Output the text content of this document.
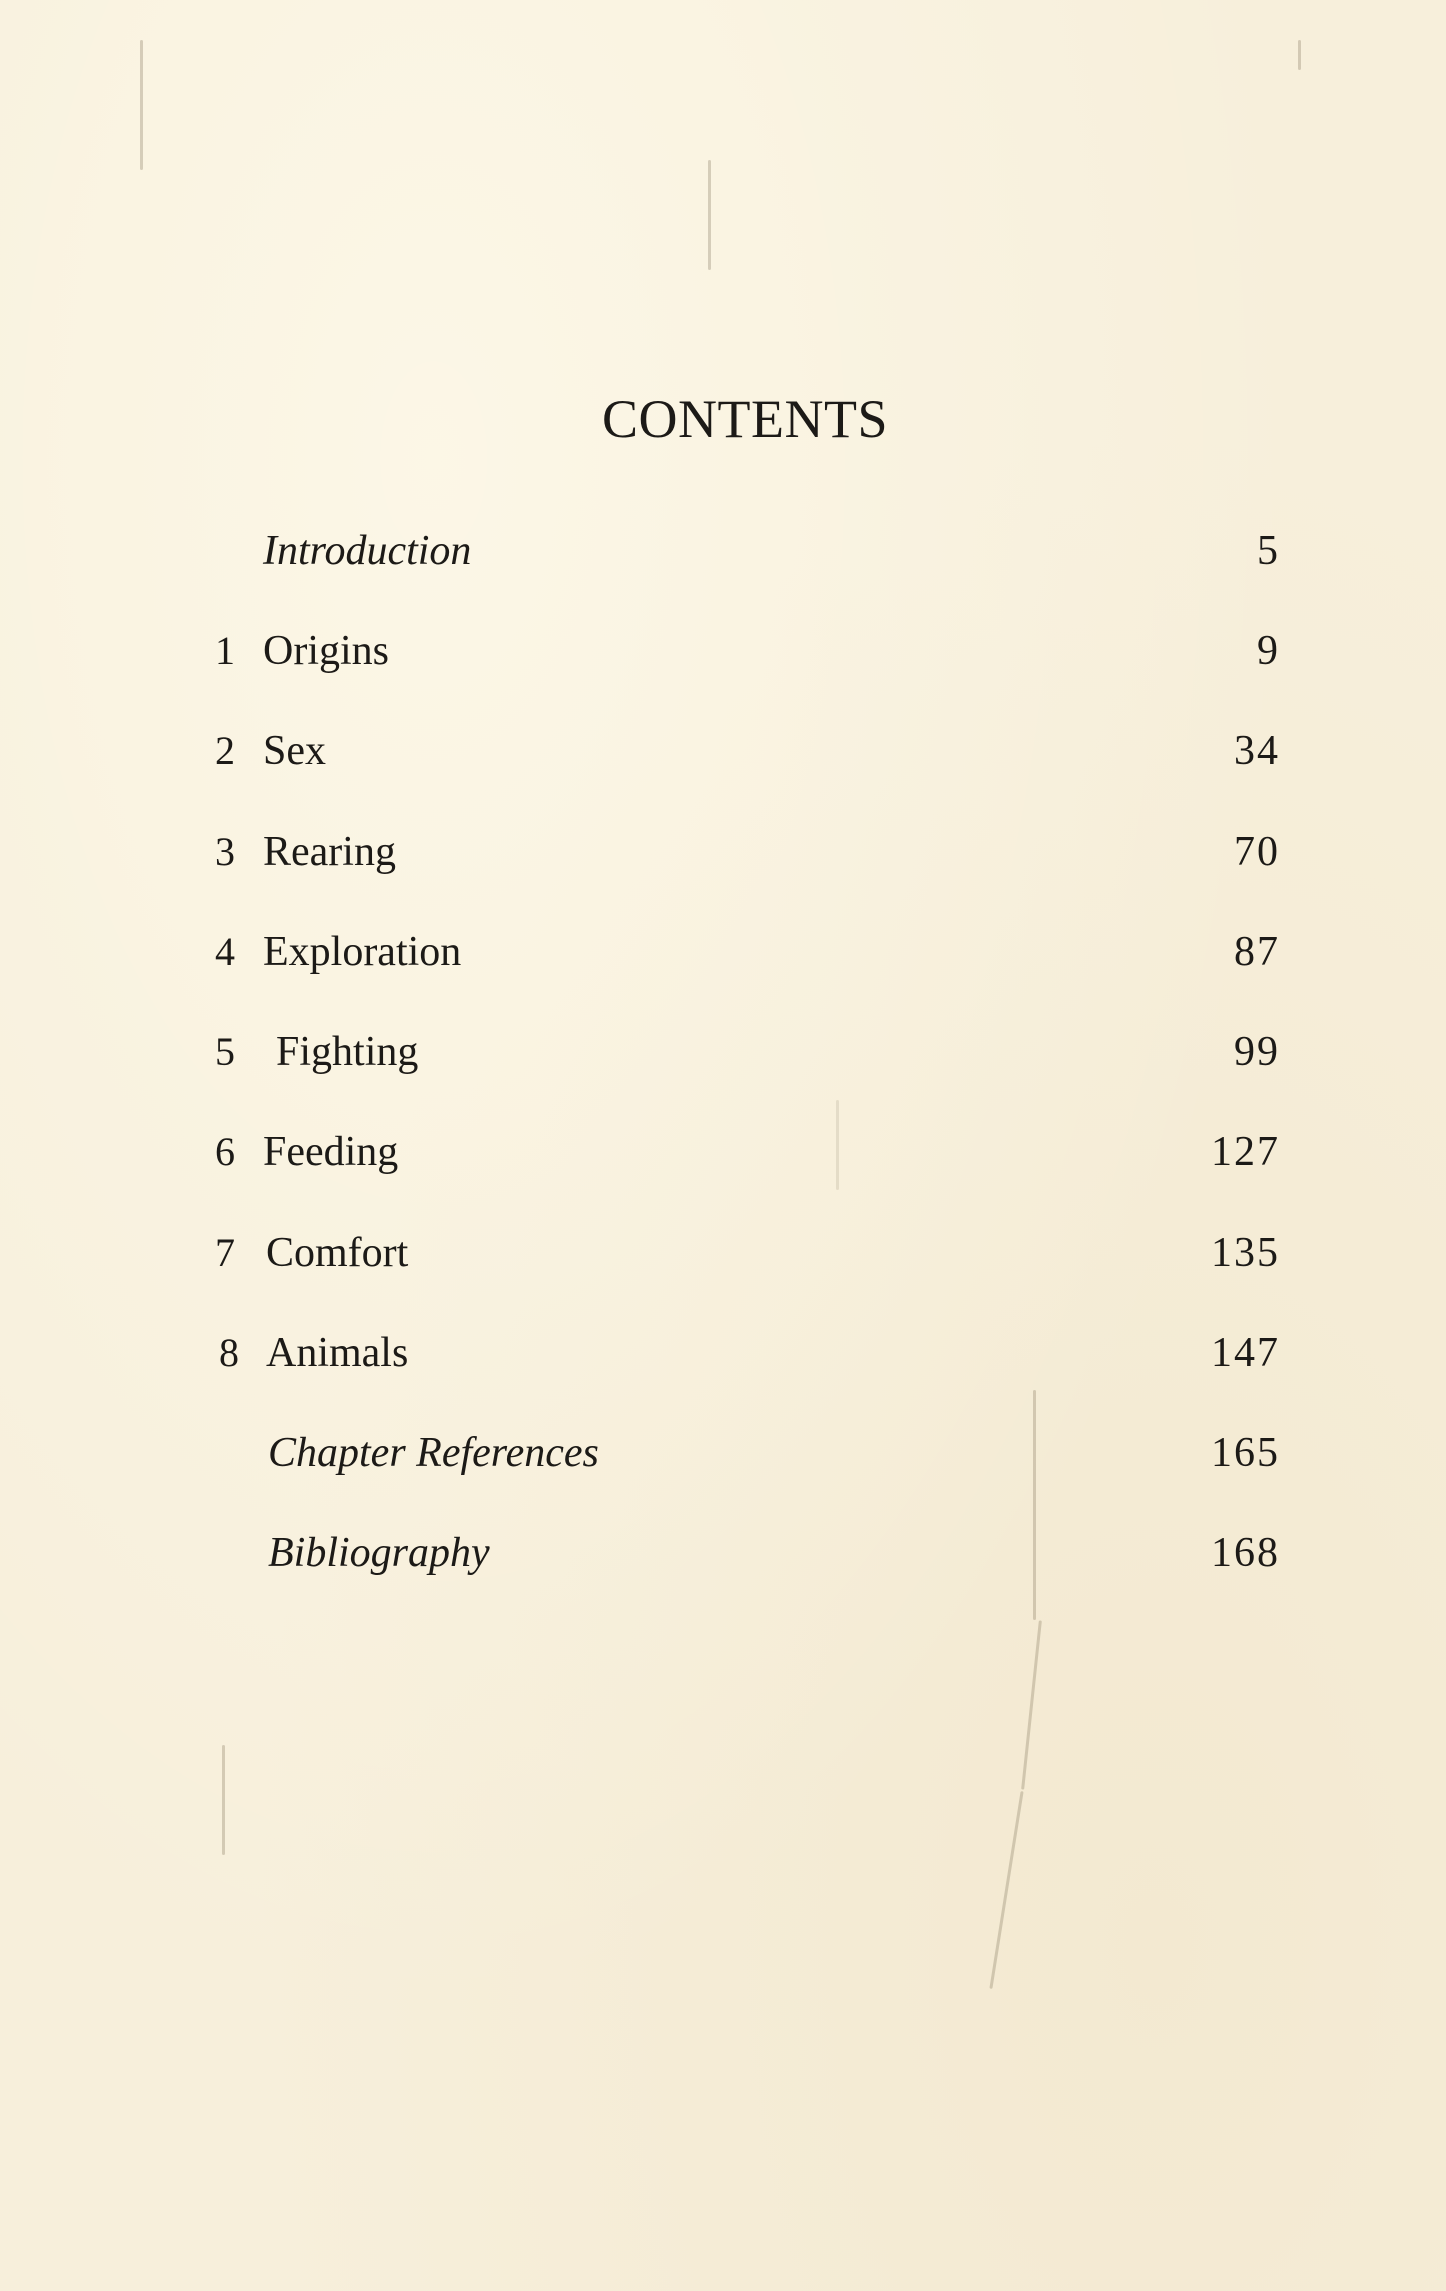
CONTENTS
Introduction	5
1 Origins	9
2 Sex	34
3 Rearing	70
4 Exploration	87
5 Fighting	99
6 Feeding	127
7 Comfort	135
8 Animals	147
Chapter References	165
Bibliography	168
